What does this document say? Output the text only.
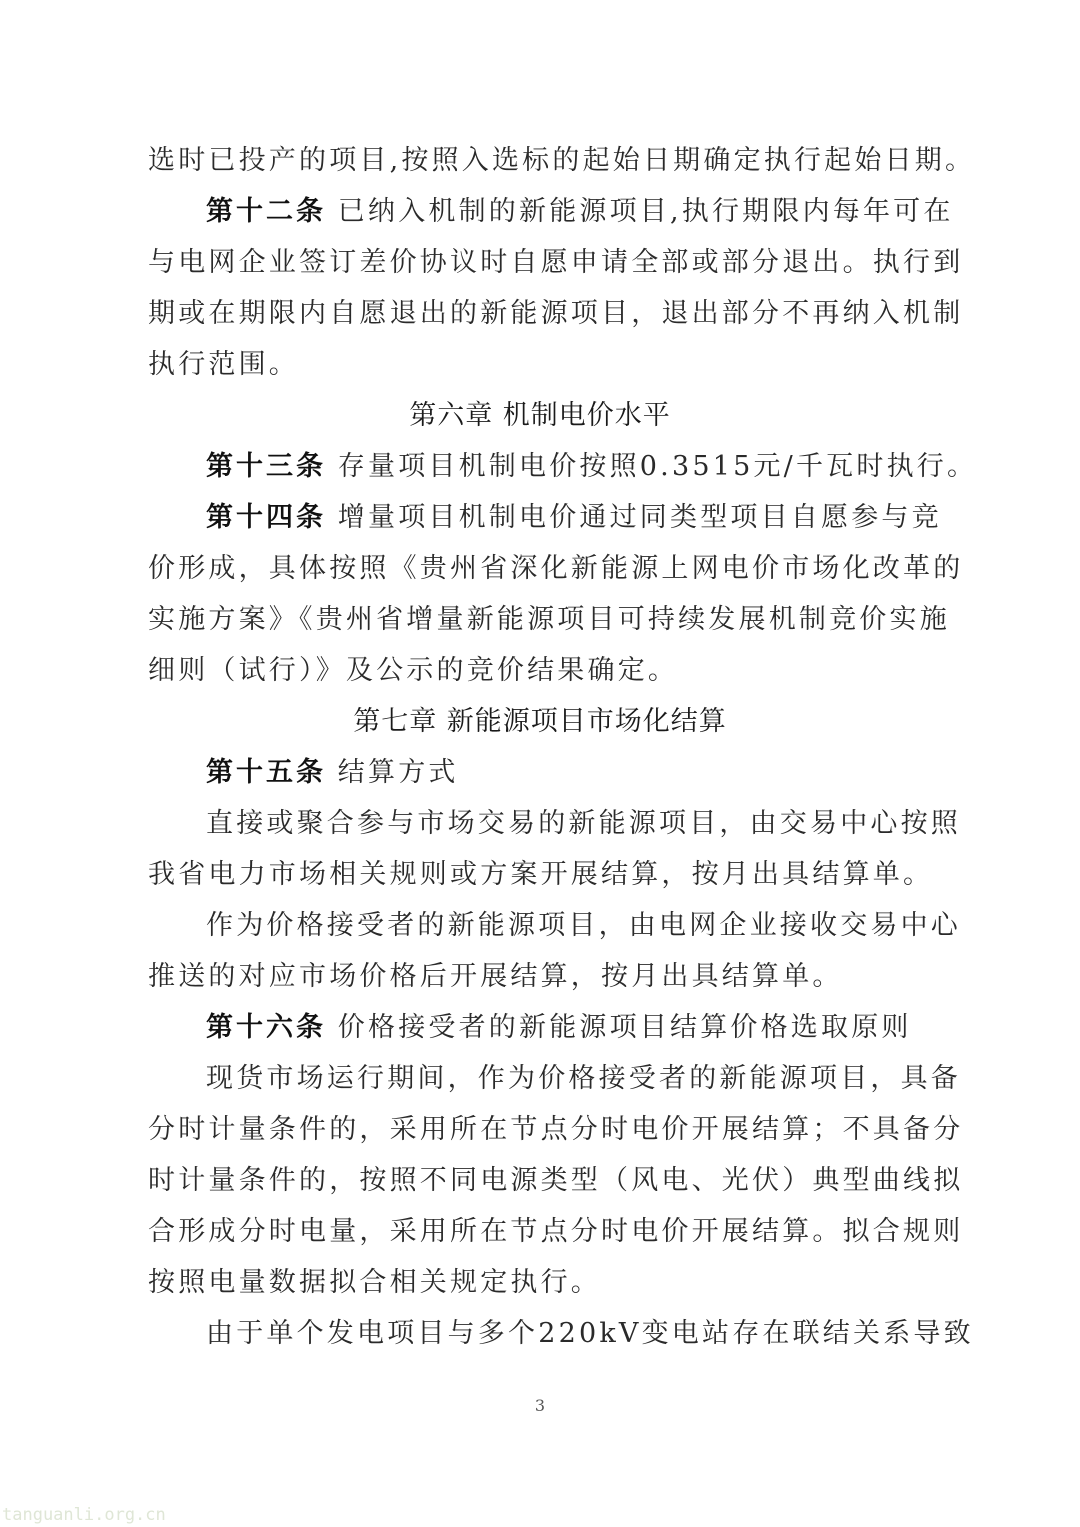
选时已投产的项目,按照入选标的起始日期确定执行起始日期。
第十二条 已纳入机制的新能源项目,执行期限内每年可在
与电网企业签订差价协议时自愿申请全部或部分退出。执行到
期或在期限内自愿退出的新能源项目，退出部分不再纳入机制
执行范围。
第六章 机制电价水平
第十三条 存量项目机制电价按照0.3515元/千瓦时执行。
第十四条 增量项目机制电价通过同类型项目自愿参与竞
价形成，具体按照《贵州省深化新能源上网电价市场化改革的
实施方案》《贵州省增量新能源项目可持续发展机制竞价实施
细则（试行）》及公示的竞价结果确定。
第七章 新能源项目市场化结算
第十五条 结算方式
直接或聚合参与市场交易的新能源项目，由交易中心按照
我省电力市场相关规则或方案开展结算，按月出具结算单。
作为价格接受者的新能源项目，由电网企业接收交易中心
推送的对应市场价格后开展结算，按月出具结算单。
第十六条 价格接受者的新能源项目结算价格选取原则
现货市场运行期间，作为价格接受者的新能源项目，具备
分时计量条件的，采用所在节点分时电价开展结算；不具备分
时计量条件的，按照不同电源类型（风电、光伏）典型曲线拟
合形成分时电量，采用所在节点分时电价开展结算。拟合规则
按照电量数据拟合相关规定执行。
由于单个发电项目与多个220kV变电站存在联结关系导致
3
tanguanli.org.cn
